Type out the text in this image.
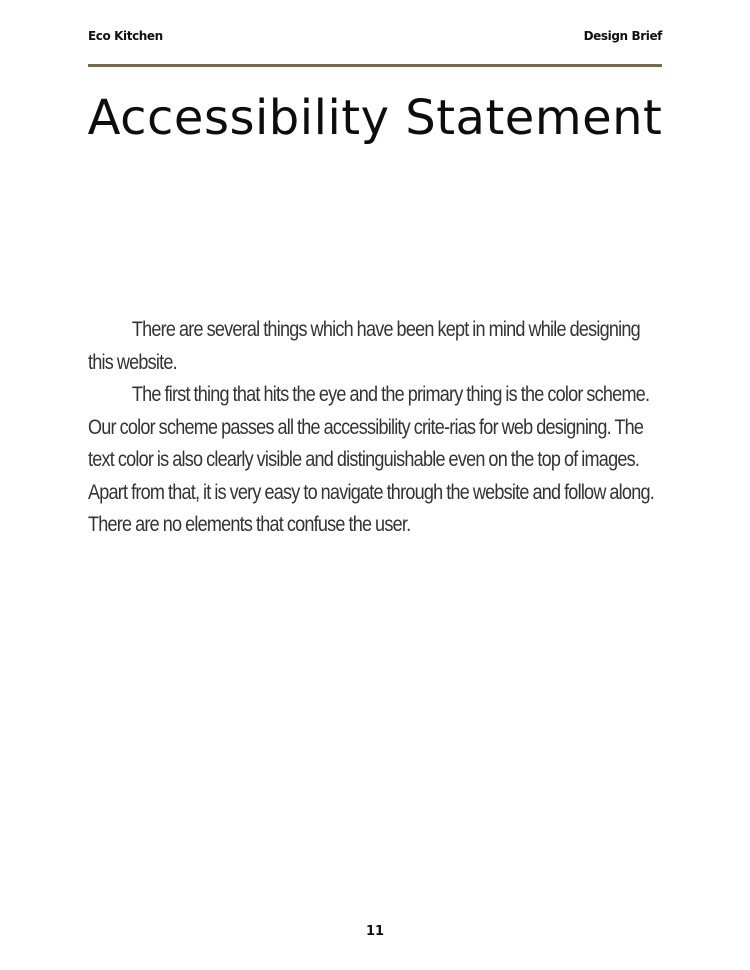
Eco Kitchen	Design Brief
Accessibility Statement

There are several things which have been kept in mind while designing this website.

The first thing that hits the eye and the primary thing is the color scheme. Our color scheme passes all the accessibility crite-rias for web designing. The text color is also clearly visible and distinguishable even on the top of images. Apart from that, it is very easy to navigate through the website and follow along. There are no elements that confuse the user.

11
